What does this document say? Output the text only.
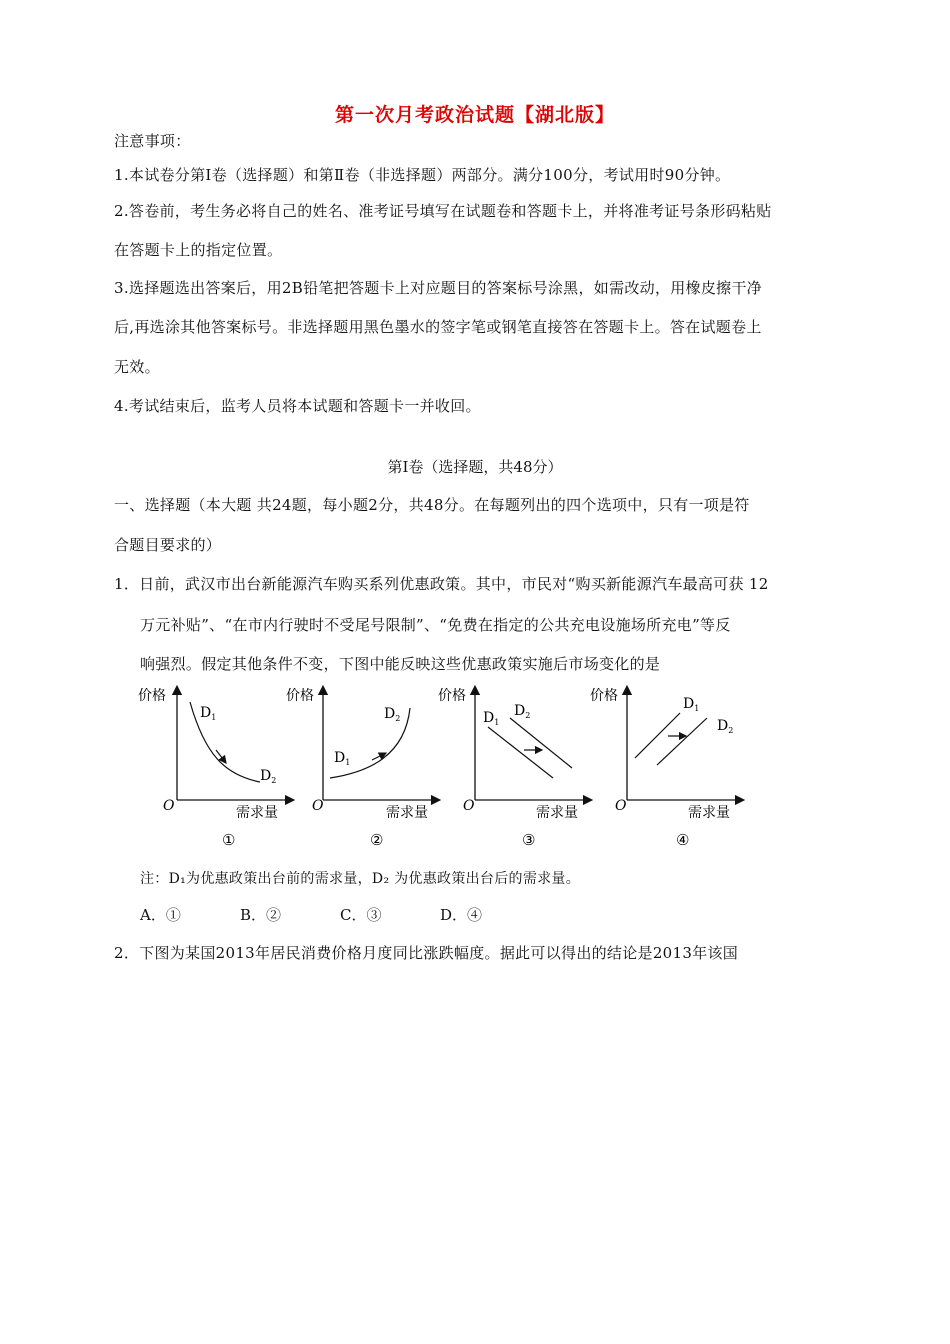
第一次月考政治试题【湖北版】
注意事项：
1.本试卷分第Ⅰ卷（选择题）和第Ⅱ卷（非选择题）两部分。满分100分，考试用时90分钟。
2.答卷前，考生务必将自己的姓名、准考证号填写在试题卷和答题卡上，并将准考证号条形码粘贴
在答题卡上的指定位置。
3.选择题选出答案后，用2B铅笔把答题卡上对应题目的答案标号涂黑，如需改动，用橡皮擦干净
后,再选涂其他答案标号。非选择题用黑色墨水的签字笔或钢笔直接答在答题卡上。答在试题卷上
无效。
4.考试结束后，监考人员将本试题和答题卡一并收回。
第Ⅰ卷（选择题，共48分）
一、选择题（本大题 共24题，每小题2分，共48分。在每题列出的四个选项中，只有一项是符
合题目要求的）
1．日前，武汉市出台新能源汽车购买系列优惠政策。其中，市民对“购买新能源汽车最高可获 12
万元补贴”、“在市内行驶时不受尾号限制”、“免费在指定的公共充电设施场所充电”等反
响强烈。假定其他条件不变，下图中能反映这些优惠政策实施后市场变化的是
价格
需求量
O
$D_1$
$D_2$
①
价格
需求量
O
$D_1$
$D_2$
②
价格
需求量
O
$D_1$
$D_2$
③
价格
需求量
O
$D_1$
$D_2$
④
注：D₁为优惠政策出台前的需求量，D₂ 为优惠政策出台后的需求量。
A．①	B．②	C．③	D．④
2．下图为某国2013年居民消费价格月度同比涨跌幅度。据此可以得出的结论是2013年该国
